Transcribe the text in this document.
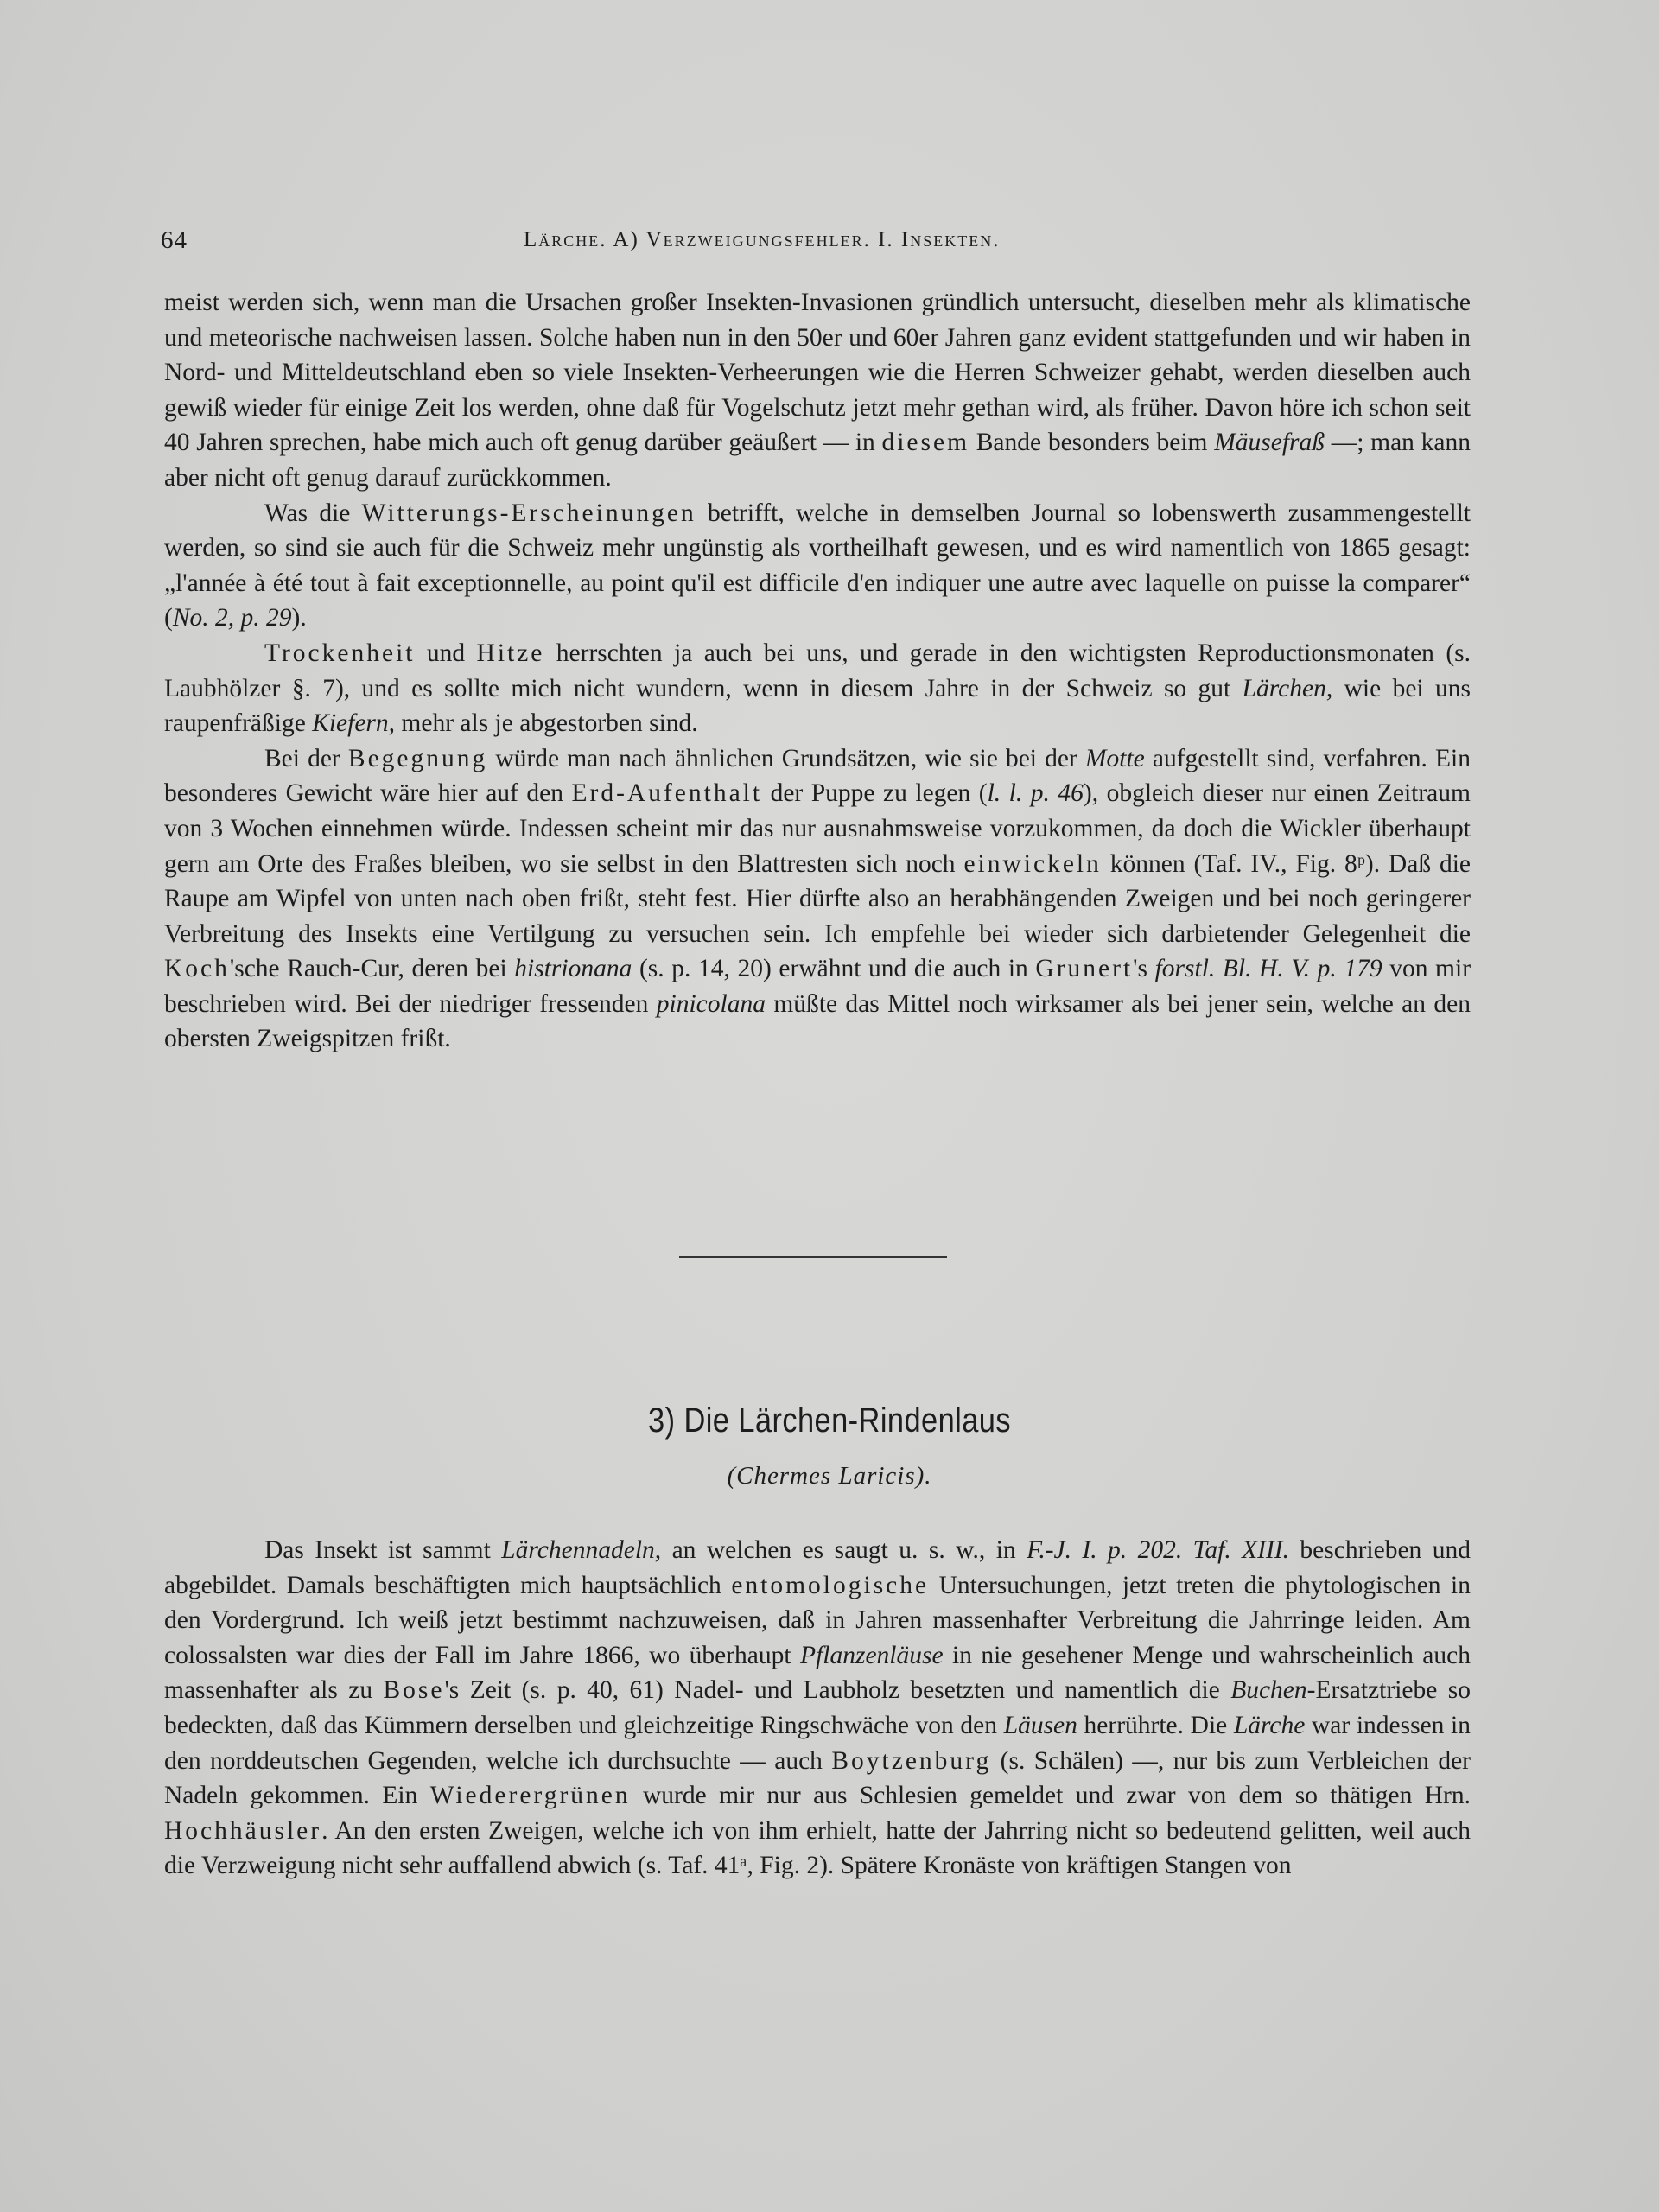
64	Lärche. A) Verzweigungsfehler. I. Insekten.

meist werden sich, wenn man die Ursachen großer Insekten-Invasionen gründlich untersucht, dieselben mehr als klimatische und meteorische nachweisen lassen. Solche haben nun in den 50er und 60er Jahren ganz evident stattgefunden und wir haben in Nord- und Mitteldeutschland eben so viele Insekten-Verheerungen wie die Herren Schweizer gehabt, werden dieselben auch gewiß wieder für einige Zeit los werden, ohne daß für Vogelschutz jetzt mehr gethan wird, als früher. Davon höre ich schon seit 40 Jahren sprechen, habe mich auch oft genug darüber geäußert — in diesem Bande besonders beim Mäusefraß —; man kann aber nicht oft genug darauf zurückkommen.

Was die Witterungs-Erscheinungen betrifft, welche in demselben Journal so lobenswerth zusammengestellt werden, so sind sie auch für die Schweiz mehr ungünstig als vortheilhaft gewesen, und es wird namentlich von 1865 gesagt: „l'année à été tout à fait exceptionnelle, au point qu'il est difficile d'en indiquer une autre avec laquelle on puisse la comparer“ (No. 2, p. 29).

Trockenheit und Hitze herrschten ja auch bei uns, und gerade in den wichtigsten Reproductionsmonaten (s. Laubhölzer §. 7), und es sollte mich nicht wundern, wenn in diesem Jahre in der Schweiz so gut Lärchen, wie bei uns raupenfräßige Kiefern, mehr als je abgestorben sind.

Bei der Begegnung würde man nach ähnlichen Grundsätzen, wie sie bei der Motte aufgestellt sind, verfahren. Ein besonderes Gewicht wäre hier auf den Erd-Aufenthalt der Puppe zu legen (l. l. p. 46), obgleich dieser nur einen Zeitraum von 3 Wochen einnehmen würde. Indessen scheint mir das nur ausnahmsweise vorzukommen, da doch die Wickler überhaupt gern am Orte des Fraßes bleiben, wo sie selbst in den Blattresten sich noch einwickeln können (Taf. IV., Fig. 8ᵖ). Daß die Raupe am Wipfel von unten nach oben frißt, steht fest. Hier dürfte also an herabhängenden Zweigen und bei noch geringerer Verbreitung des Insekts eine Vertilgung zu versuchen sein. Ich empfehle bei wieder sich darbietender Gelegenheit die Koch'sche Rauch-Cur, deren bei histrionana (s. p. 14, 20) erwähnt und die auch in Grunert's forstl. Bl. H. V. p. 179 von mir beschrieben wird. Bei der niedriger fressenden pinicolana müßte das Mittel noch wirksamer als bei jener sein, welche an den obersten Zweigspitzen frißt.

3) Die Lärchen-Rindenlaus
(Chermes Laricis).

Das Insekt ist sammt Lärchennadeln, an welchen es saugt u. s. w., in F.-J. I. p. 202. Taf. XIII. beschrieben und abgebildet. Damals beschäftigten mich hauptsächlich entomologische Untersuchungen, jetzt treten die phytologischen in den Vordergrund. Ich weiß jetzt bestimmt nachzuweisen, daß in Jahren massenhafter Verbreitung die Jahrringe leiden. Am colossalsten war dies der Fall im Jahre 1866, wo überhaupt Pflanzenläuse in nie gesehener Menge und wahrscheinlich auch massenhafter als zu Bose's Zeit (s. p. 40, 61) Nadel- und Laubholz besetzten und namentlich die Buchen-Ersatztriebe so bedeckten, daß das Kümmern derselben und gleichzeitige Ringschwäche von den Läusen herrührte. Die Lärche war indessen in den norddeutschen Gegenden, welche ich durchsuchte — auch Boytzenburg (s. Schälen) —, nur bis zum Verbleichen der Nadeln gekommen. Ein Wiederergrünen wurde mir nur aus Schlesien gemeldet und zwar von dem so thätigen Hrn. Hochhäusler. An den ersten Zweigen, welche ich von ihm erhielt, hatte der Jahrring nicht so bedeutend gelitten, weil auch die Verzweigung nicht sehr auffallend abwich (s. Taf. 41ᵃ, Fig. 2). Spätere Kronäste von kräftigen Stangen von
